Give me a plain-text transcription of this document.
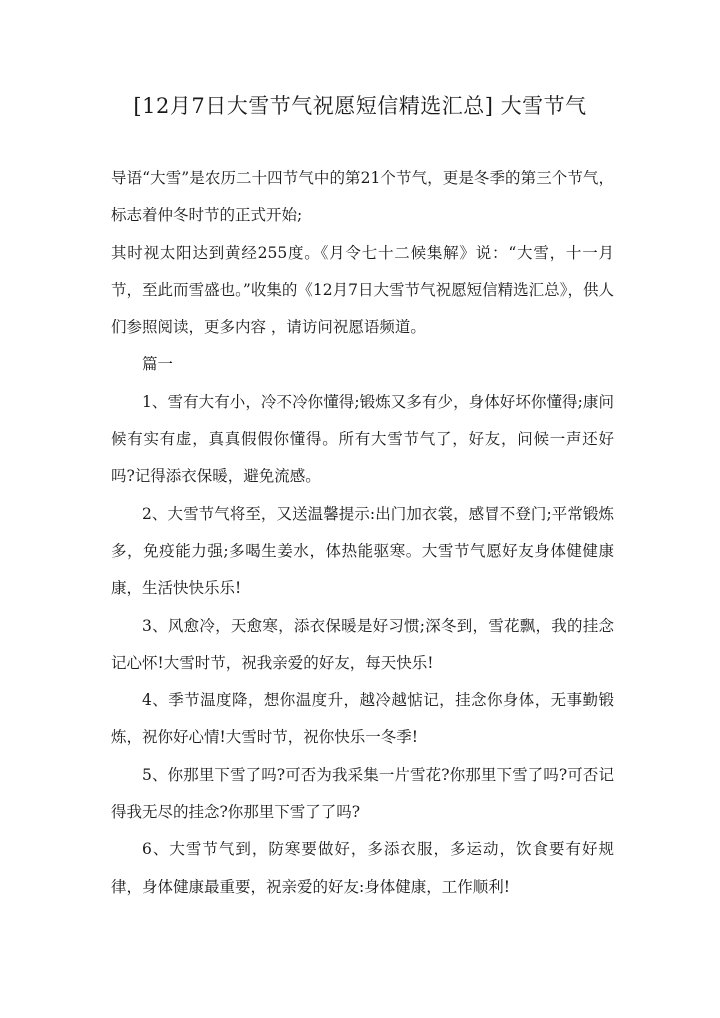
[12月7日大雪节气祝愿短信精选汇总] 大雪节气

导语“大雪”是农历二十四节气中的第21个节气，更是冬季的第三个节气，标志着仲冬时节的正式开始;

其时视太阳达到黄经255度。《月令七十二候集解》说：“大雪，十一月节，至此而雪盛也。”收集的《12月7日大雪节气祝愿短信精选汇总》，供人们参照阅读，更多内容 ，请访问祝愿语频道。

篇一

1、雪有大有小，冷不冷你懂得;锻炼又多有少，身体好坏你懂得;康问候有实有虚，真真假假你懂得。所有大雪节气了，好友，问候一声还好吗?记得添衣保暖，避免流感。

2、大雪节气将至，又送温馨提示:出门加衣裳，感冒不登门;平常锻炼多，免疫能力强;多喝生姜水，体热能驱寒。大雪节气愿好友身体健健康康，生活快快乐乐!

3、风愈冷，天愈寒，添衣保暖是好习惯;深冬到，雪花飘，我的挂念记心怀!大雪时节，祝我亲爱的好友，每天快乐!

4、季节温度降，想你温度升，越冷越惦记，挂念你身体，无事勤锻炼，祝你好心情!大雪时节，祝你快乐一冬季!

5、你那里下雪了吗?可否为我采集一片雪花?你那里下雪了吗?可否记得我无尽的挂念?你那里下雪了了吗?

6、大雪节气到，防寒要做好，多添衣服，多运动，饮食要有好规律，身体健康最重要，祝亲爱的好友:身体健康，工作顺利!
